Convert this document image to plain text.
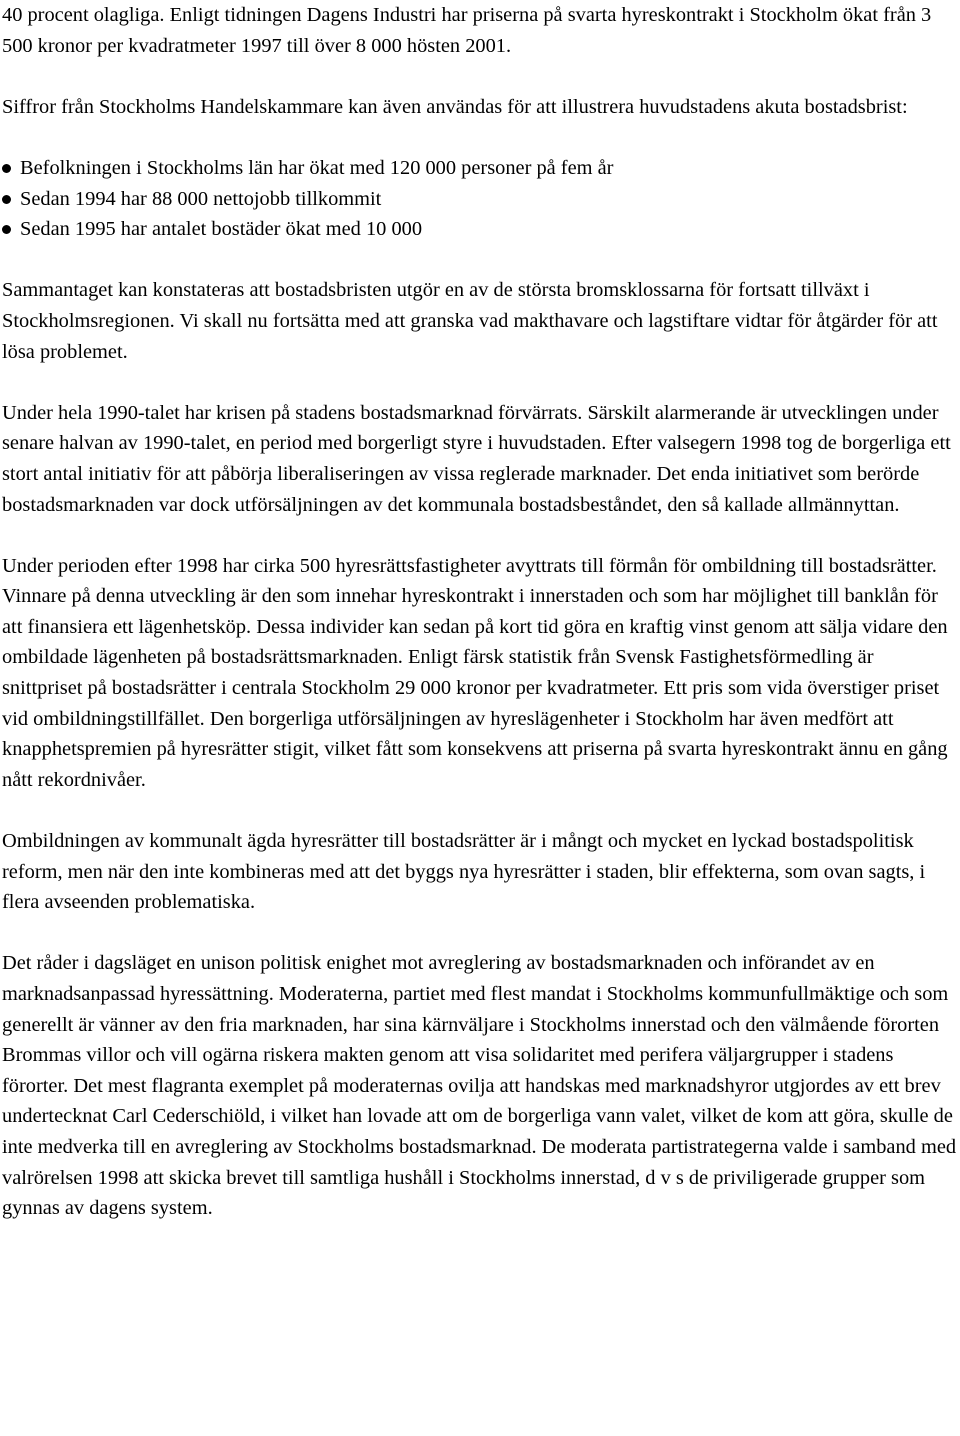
40 procent olagliga. Enligt tidningen Dagens Industri har priserna på svarta hyreskontrakt i Stockholm ökat från 3 500 kronor per kvadratmeter 1997 till över 8 000 hösten 2001.

Siffror från Stockholms Handelskammare kan även användas för att illustrera huvudstadens akuta bostadsbrist:

Befolkningen i Stockholms län har ökat med 120 000 personer på fem år
Sedan 1994 har 88 000 nettojobb tillkommit
Sedan 1995 har antalet bostäder ökat med 10 000

Sammantaget kan konstateras att bostadsbristen utgör en av de största bromsklossarna för fortsatt tillväxt i Stockholmsregionen. Vi skall nu fortsätta med att granska vad makthavare och lagstiftare vidtar för åtgärder för att lösa problemet.

Under hela 1990-talet har krisen på stadens bostadsmarknad förvärrats. Särskilt alarmerande är utvecklingen under senare halvan av 1990-talet, en period med borgerligt styre i huvudstaden. Efter valsegern 1998 tog de borgerliga ett stort antal initiativ för att påbörja liberaliseringen av vissa reglerade marknader. Det enda initiativet som berörde bostadsmarknaden var dock utförsäljningen av det kommunala bostadsbeståndet, den så kallade allmännyttan.

Under perioden efter 1998 har cirka 500 hyresrättsfastigheter avyttrats till förmån för ombildning till bostadsrätter. Vinnare på denna utveckling är den som innehar hyreskontrakt i innerstaden och som har möjlighet till banklån för att finansiera ett lägenhetsköp. Dessa individer kan sedan på kort tid göra en kraftig vinst genom att sälja vidare den ombildade lägenheten på bostadsrättsmarknaden. Enligt färsk statistik från Svensk Fastighetsförmedling är snittpriset på bostadsrätter i centrala Stockholm 29 000 kronor per kvadratmeter. Ett pris som vida överstiger priset vid ombildningstillfället. Den borgerliga utförsäljningen av hyreslägenheter i Stockholm har även medfört att knapphetspremien på hyresrätter stigit, vilket fått som konsekvens att priserna på svarta hyreskontrakt ännu en gång nått rekordnivåer.

Ombildningen av kommunalt ägda hyresrätter till bostadsrätter är i mångt och mycket en lyckad bostadspolitisk reform, men när den inte kombineras med att det byggs nya hyresrätter i staden, blir effekterna, som ovan sagts, i flera avseenden problematiska.

Det råder i dagsläget en unison politisk enighet mot avreglering av bostadsmarknaden och införandet av en marknadsanpassad hyressättning. Moderaterna, partiet med flest mandat i Stockholms kommunfullmäktige och som generellt är vänner av den fria marknaden, har sina kärnväljare i Stockholms innerstad och den välmående förorten Brommas villor och vill ogärna riskera makten genom att visa solidaritet med perifera väljargrupper i stadens förorter. Det mest flagranta exemplet på moderaternas ovilja att handskas med marknadshyror utgjordes av ett brev undertecknat Carl Cederschiöld, i vilket han lovade att om de borgerliga vann valet, vilket de kom att göra, skulle de inte medverka till en avreglering av Stockholms bostadsmarknad. De moderata partistrategerna valde i samband med valrörelsen 1998 att skicka brevet till samtliga hushåll i Stockholms innerstad, d v s de priviligerade grupper som gynnas av dagens system.
